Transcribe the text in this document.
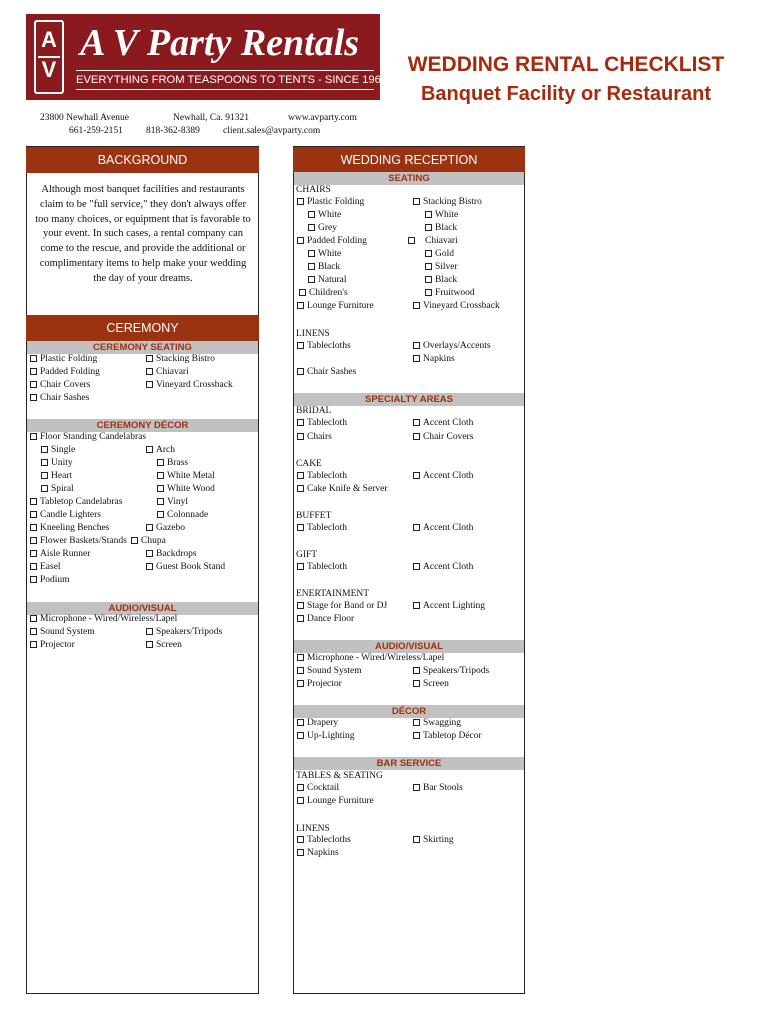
A
V
A V Party Rentals
EVERYTHING FROM TEASPOONS TO TENTS - SINCE 1968
WEDDING RENTAL CHECKLIST
Banquet Facility or Restaurant
23800 Newhall Avenue	Newhall, Ca. 91321	www.avparty.com
661-259-2151 818-362-8389 client.sales@avparty.com
BACKGROUND
Although most banquet facilities and restaurants claim to be "full service," they don't always offer too many choices, or equipment that is favorable to your event. In such cases, a rental company can come to the rescue, and provide the additional or complimentary items to help make your wedding the day of your dreams.
CEREMONY
CEREMONY SEATING
Plastic Folding	Stacking Bistro
Padded Folding	Chiavari
Chair Covers	Vineyard Crossback
Chair Sashes
CEREMONY DÉCOR
Floor Standing Candelabras
Single	Arch
Unity	Brass
Heart	White Metal
Spiral	White Wood
Tabletop Candelabras	Vinyl
Candle Lighters	Colonnade
Kneeling Benches	Gazebo
Flower Baskets/Stands	Chupa
Aisle Runner	Backdrops
Easel	Guest Book Stand
Podium
AUDIO/VISUAL
Microphone - Wired/Wireless/Lapel
Sound System	Speakers/Tripods
Projector	Screen
WEDDING RECEPTION
SEATING
CHAIRS
Plastic Folding	Stacking Bistro
White	White
Grey	Black
Padded Folding	Chiavari
White	Gold
Black	Silver
Natural	Black
Children's	Fruitwood
Lounge Furniture	Vineyard Crossback
LINENS
Tablecloths	Overlays/Accents
Napkins
Chair Sashes
SPECIALTY AREAS
BRIDAL
Tablecloth	Accent Cloth
Chairs	Chair Covers
CAKE
Tablecloth	Accent Cloth
Cake Knife & Server
BUFFET
Tablecloth	Accent Cloth
GIFT
Tablecloth	Accent Cloth
ENERTAINMENT
Stage for Band or DJ	Accent Lighting
Dance Floor
AUDIO/VISUAL
Microphone - Wired/Wireless/Lapel
Sound System	Speakers/Tripods
Projector	Screen
DÉCOR
Drapery	Swagging
Up-Lighting	Tabletop Décor
BAR SERVICE
TABLES & SEATING
Cocktail	Bar Stools
Lounge Furniture
LINENS
Tablecloths	Skirting
Napkins
